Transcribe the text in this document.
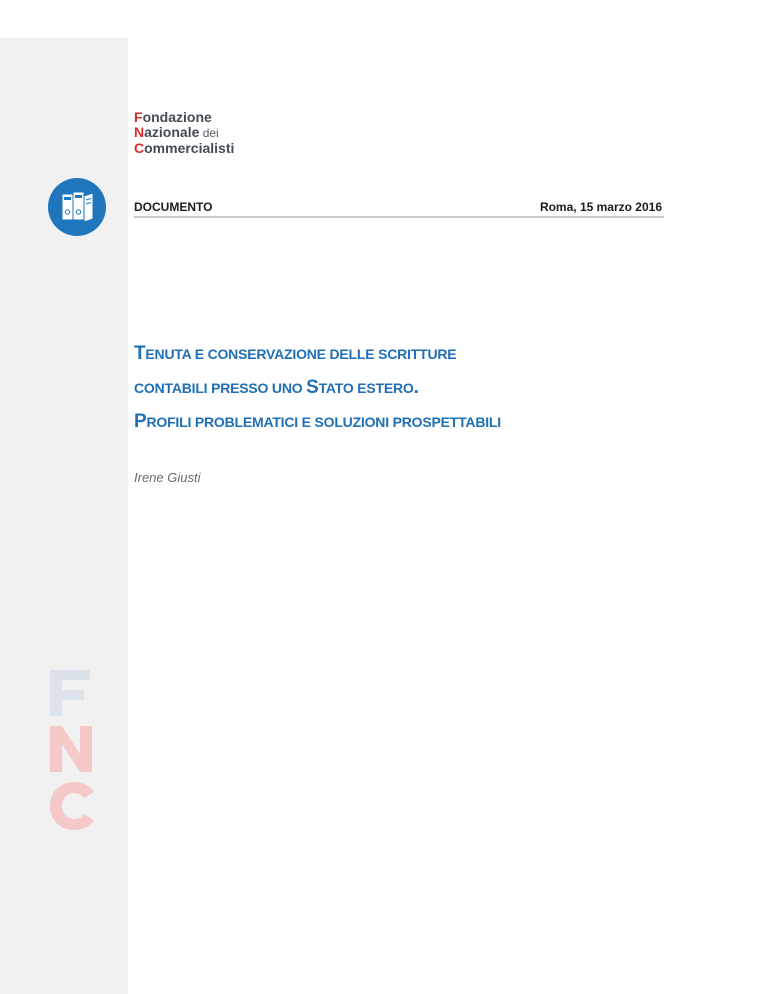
Fondazione
Nazionale dei
Commercialisti
DOCUMENTO	Roma, 15 marzo 2016
TENUTA E CONSERVAZIONE DELLE SCRITTURE
CONTABILI PRESSO UNO STATO ESTERO.
PROFILI PROBLEMATICI E SOLUZIONI PROSPETTABILI
Irene Giusti
